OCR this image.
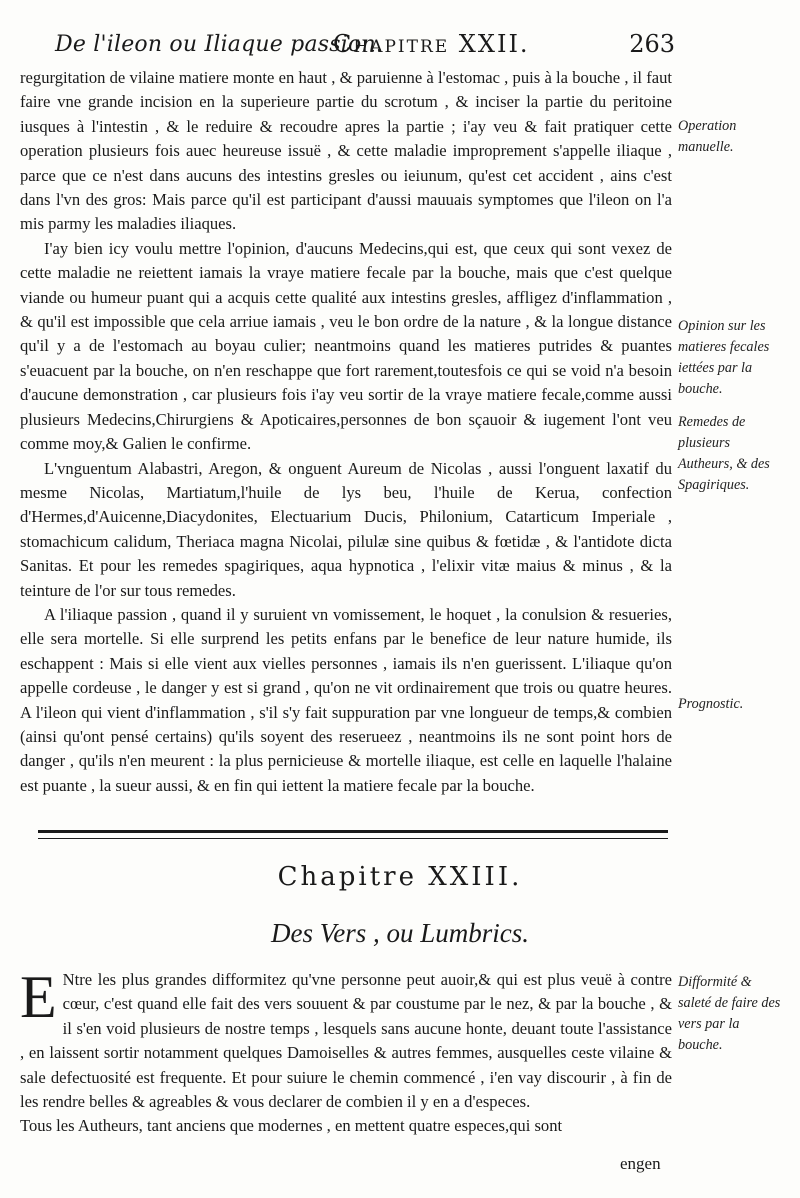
De l'ileon ou Iliaque passion.
Chapitre XXII.	263

regurgitation de vilaine matiere monte en haut , & paruienne à l'estomac , puis à la bouche , il faut faire vne grande incision en la superieure partie du scrotum , & inciser la partie du peritoine iusques à l'intestin , & le reduire & recoudre apres la partie ; i'ay veu & fait pratiquer cette operation plusieurs fois auec heureuse issuë , & cette maladie improprement s'appelle iliaque , parce que ce n'est dans aucuns des intestins gresles ou ieiunum, qu'est cet accident , ains c'est dans l'vn des gros: Mais parce qu'il est participant d'aussi mauuais symptomes que l'ileon on l'a mis parmy les maladies iliaques.

I'ay bien icy voulu mettre l'opinion, d'aucuns Medecins,qui est, que ceux qui sont vexez de cette maladie ne reiettent iamais la vraye matiere fecale par la bouche, mais que c'est quelque viande ou humeur puant qui a acquis cette qualité aux intestins gresles, affligez d'inflammation , & qu'il est impossible que cela arriue iamais , veu le bon ordre de la nature , & la longue distance qu'il y a de l'estomach au boyau culier; neantmoins quand les matieres putrides & puantes s'euacuent par la bouche, on n'en reschappe que fort rarement,toutesfois ce qui se void n'a besoin d'aucune demonstration , car plusieurs fois i'ay veu sortir de la vraye matiere fecale,comme aussi plusieurs Medecins,Chirurgiens & Apoticaires,personnes de bon sçauoir & iugement l'ont veu comme moy,& Galien le confirme.

L'vnguentum Alabastri, Aregon, & onguent Aureum de Nicolas , aussi l'onguent laxatif du mesme Nicolas, Martiatum,l'huile de lys beu, l'huile de Kerua, confection d'Hermes,d'Auicenne,Diacydonites, Electuarium Ducis, Philonium, Catarticum Imperiale , stomachicum calidum, Theriaca magna Nicolai, pilulæ sine quibus & fœtidæ , & l'antidote dicta Sanitas. Et pour les remedes spagiriques, aqua hypnotica , l'elixir vitæ maius & minus , & la teinture de l'or sur tous remedes.

A l'iliaque passion , quand il y suruient vn vomissement, le hoquet , la conulsion & resueries, elle sera mortelle. Si elle surprend les petits enfans par le benefice de leur nature humide, ils eschappent : Mais si elle vient aux vielles personnes , iamais ils n'en guerissent. L'iliaque qu'on appelle cordeuse , le danger y est si grand , qu'on ne vit ordinairement que trois ou quatre heures. A l'ileon qui vient d'inflammation , s'il s'y fait suppuration par vne longueur de temps,& combien (ainsi qu'ont pensé certains) qu'ils soyent des reserueez , neantmoins ils ne sont point hors de danger , qu'ils n'en meurent : la plus pernicieuse & mortelle iliaque, est celle en laquelle l'halaine est puante , la sueur aussi, & en fin qui iettent la matiere fecale par la bouche.

Operation manuelle.
Opinion sur les matieres fecales iettées par la bouche.
Remedes de plusieurs Autheurs, & des Spagiriques.
Prognostic.
Difformité & saleté de faire des vers par la bouche.
Chapitre XXIII.
Des Vers , ou Lumbrics.

E Ntre les plus grandes difformitez qu'vne personne peut auoir,& qui est plus veuë à contre cœur, c'est quand elle fait des vers souuent & par coustume par le nez, & par la bouche , & il s'en void plusieurs de nostre temps , lesquels sans aucune honte, deuant toute l'assistance , en laissent sortir notamment quelques Damoiselles & autres femmes, ausquelles ceste vilaine & sale defectuosité est frequente. Et pour suiure le chemin commencé , i'en vay discourir , à fin de les rendre belles & agreables & vous declarer de combien il y en a d'especes.

Tous les Autheurs, tant anciens que modernes , en mettent quatre especes,qui sont

engen
